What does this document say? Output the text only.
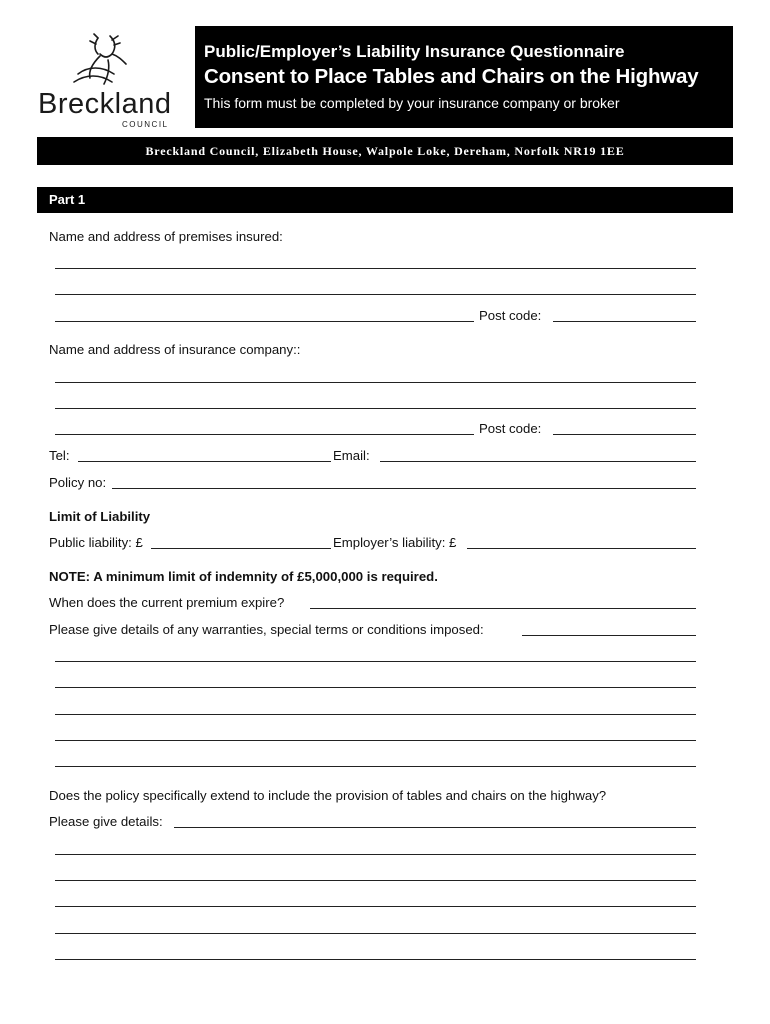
Breckland
COUNCIL
Public/Employer’s Liability Insurance Questionnaire
Consent to Place Tables and Chairs on the Highway
This form must be completed by your insurance company or broker
Breckland Council, Elizabeth House, Walpole Loke, Dereham, Norfolk NR19 1EE
Part 1
Name and address of premises insured:
Post code:
Name and address of insurance company::
Post code:
Tel:	Email:
Policy no:
Limit of Liability
Public liability: £	Employer’s liability: £
NOTE: A minimum limit of indemnity of £5,000,000 is required.
When does the current premium expire?
Please give details of any warranties, special terms or conditions imposed:
Does the policy specifically extend to include the provision of tables and chairs on the highway?
Please give details:
